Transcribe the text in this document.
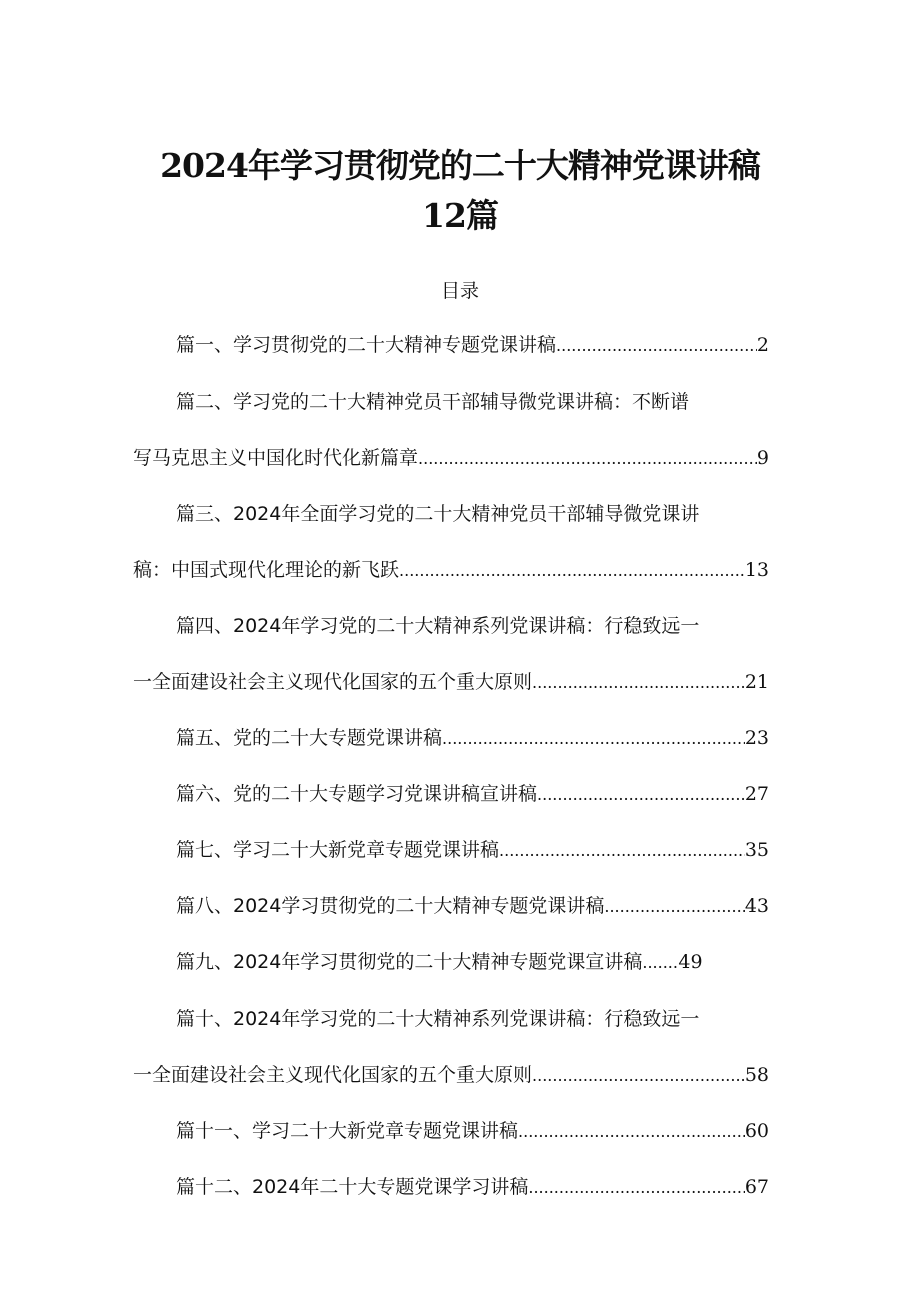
2024年学习贯彻党的二十大精神党课讲稿
12篇
目录
篇一、学习贯彻党的二十大精神专题党课讲稿 .....	2
篇二、学习党的二十大精神党员干部辅导微党课讲稿：不断谱
写马克思主义中国化时代化新篇章 .....	9
篇三、2024年全面学习党的二十大精神党员干部辅导微党课讲
稿：中国式现代化理论的新飞跃 .....	13
篇四、2024年学习党的二十大精神系列党课讲稿：行稳致远一
一全面建设社会主义现代化国家的五个重大原则 .....	21
篇五、党的二十大专题党课讲稿 .....	23
篇六、党的二十大专题学习党课讲稿宣讲稿 .....	27
篇七、学习二十大新党章专题党课讲稿 .....	35
篇八、2024学习贯彻党的二十大精神专题党课讲稿 .....	43
篇九、2024年学习贯彻党的二十大精神专题党课宣讲稿 ..... 49
篇十、2024年学习党的二十大精神系列党课讲稿：行稳致远一
一全面建设社会主义现代化国家的五个重大原则 .....	58
篇十一、学习二十大新党章专题党课讲稿 .....	60
篇十二、2024年二十大专题党课学习讲稿 .....	67
